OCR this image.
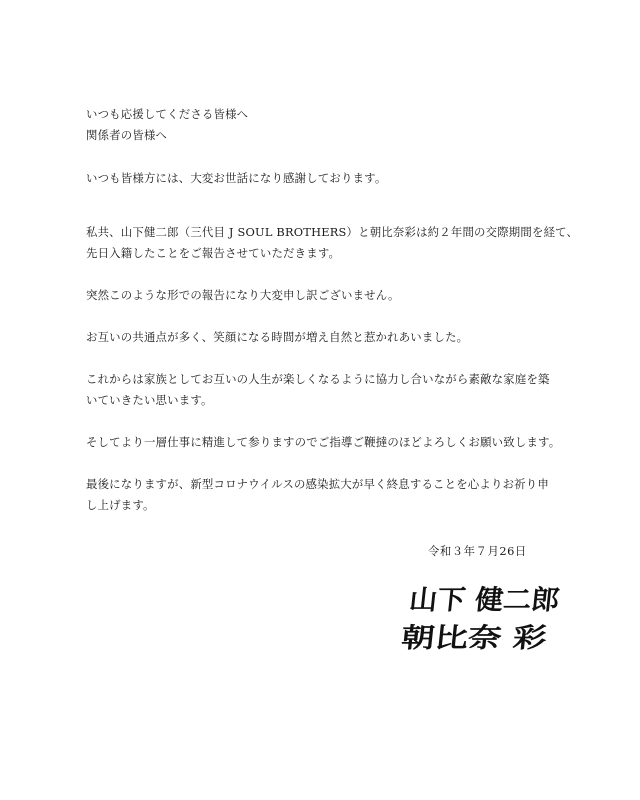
いつも応援してくださる皆様へ
関係者の皆様へ
いつも皆様方には、大変お世話になり感謝しております。
私共、山下健二郎（三代目 J SOUL BROTHERS）と朝比奈彩は約２年間の交際期間を経て、
先日入籍したことをご報告させていただきます。
突然このような形での報告になり大変申し訳ございません。
お互いの共通点が多く、笑顔になる時間が増え自然と惹かれあいました。
これからは家族としてお互いの人生が楽しくなるように協力し合いながら素敵な家庭を築
いていきたい思います。
そしてより一層仕事に精進して参りますのでご指導ご鞭撻のほどよろしくお願い致します。
最後になりますが、新型コロナウイルスの感染拡大が早く終息することを心よりお祈り申
し上げます。
令和３年７月26日
山下 健二郎
朝比奈 彩
